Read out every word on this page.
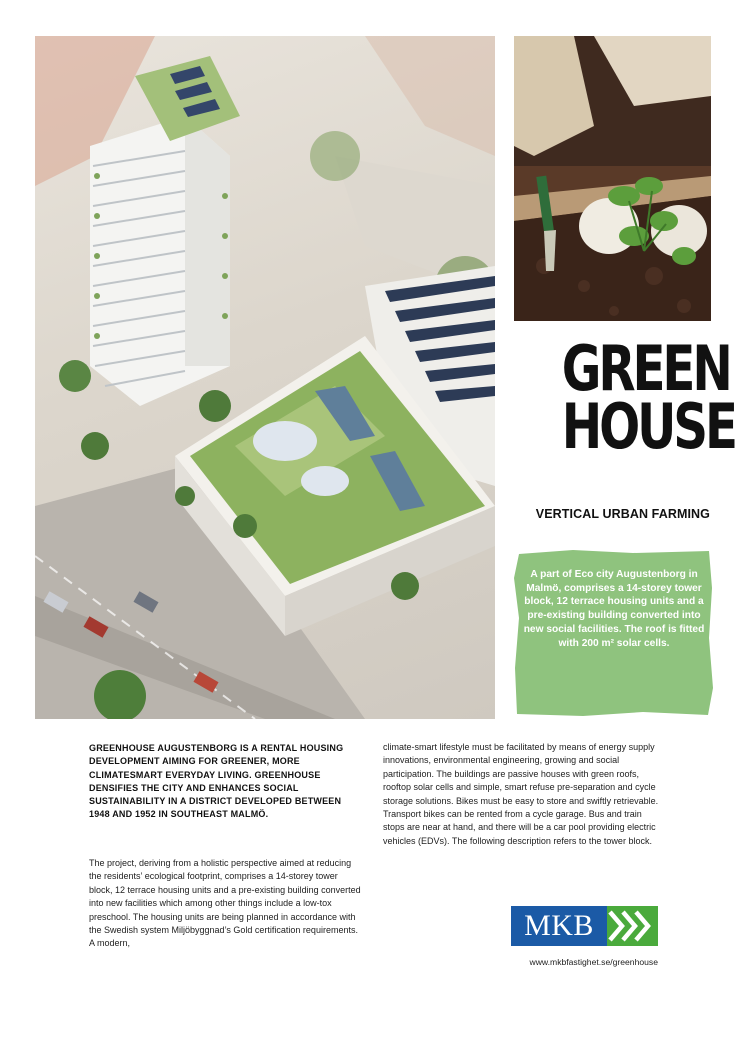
GREEN
HOUSE
VERTICAL URBAN FARMING
A part of Eco city Augustenborg in Malmö, comprises a 14-storey tower block, 12 terrace housing units and a pre-existing building converted into new social facilities. The roof is fitted with 200 m² solar cells.
GREENHOUSE AUGUSTENBORG IS A RENTAL HOUSING DEVELOPMENT AIMING FOR GREENER, MORE CLIMATESMART EVERYDAY LIVING. GREENHOUSE DENSIFIES THE CITY AND ENHANCES SOCIAL SUSTAINABILITY IN A DISTRICT DEVELOPED BETWEEN 1948 AND 1952 IN SOUTHEAST MALMÖ.
The project, deriving from a holistic perspective aimed at reducing the residents’ ecological footprint, comprises a 14-storey tower block, 12 terrace housing units and a pre-existing building converted into new facilities which among other things include a low-tox preschool. The housing units are being planned in accordance with the Swedish system Miljöbyggnad’s Gold certification requirements. A modern,
climate-smart lifestyle must be facilitated by means of energy supply innovations, environmental engineering, growing and social participation. The buildings are passive houses with green roofs, rooftop solar cells and simple, smart refuse pre-separation and cycle storage solutions. Bikes must be easy to store and swiftly retrievable. Transport bikes can be rented from a cycle garage. Bus and train stops are near at hand, and there will be a car pool providing electric vehicles (EDVs). The following description refers to the tower block.
MKB
www.mkbfastighet.se/greenhouse
